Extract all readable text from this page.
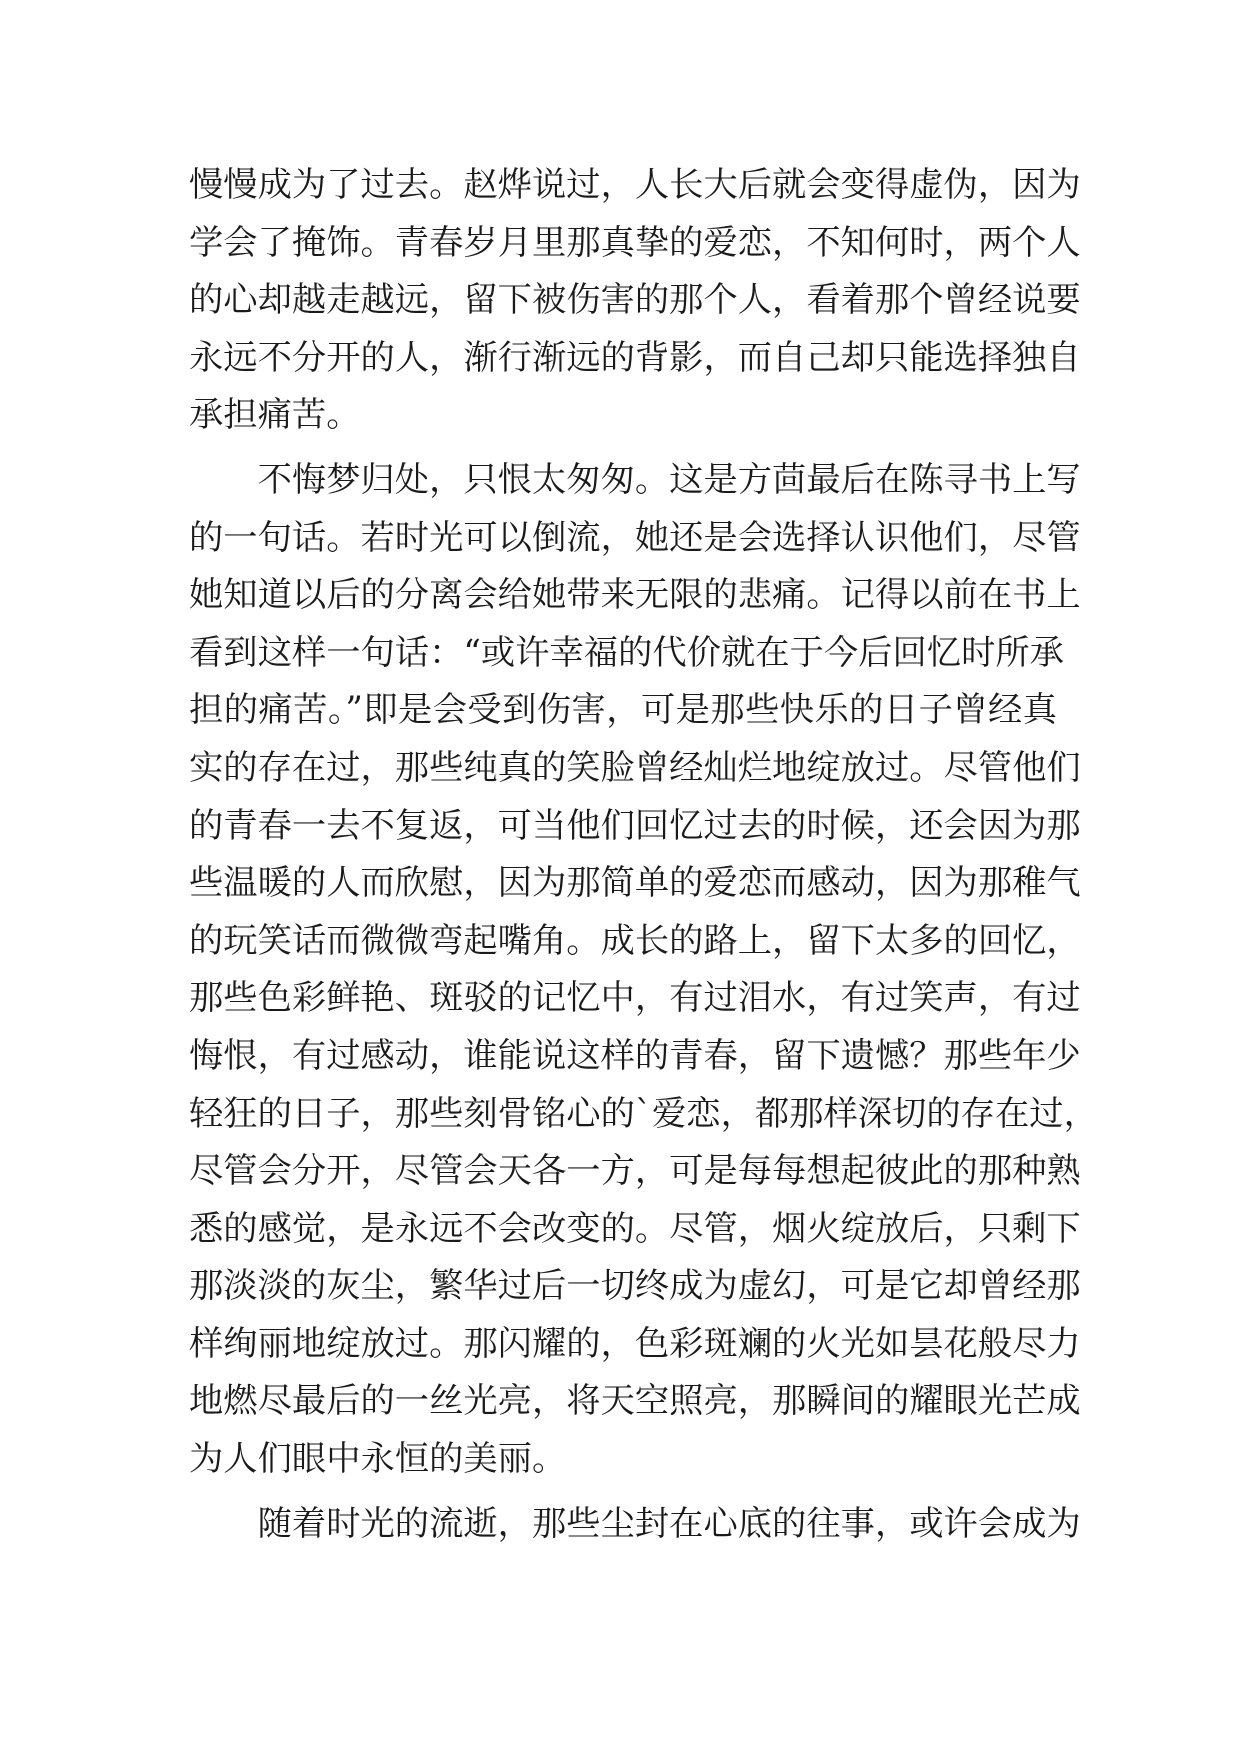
慢慢成为了过去。赵烨说过，人长大后就会变得虚伪，因为
学会了掩饰。青春岁月里那真挚的爱恋，不知何时，两个人
的心却越走越远，留下被伤害的那个人，看着那个曾经说要
永远不分开的人，渐行渐远的背影，而自己却只能选择独自
承担痛苦。
　　不悔梦归处，只恨太匆匆。这是方茴最后在陈寻书上写
的一句话。若时光可以倒流，她还是会选择认识他们，尽管
她知道以后的分离会给她带来无限的悲痛。记得以前在书上
看到这样一句话：“或许幸福的代价就在于今后回忆时所承
担的痛苦。”即是会受到伤害，可是那些快乐的日子曾经真
实的存在过，那些纯真的笑脸曾经灿烂地绽放过。尽管他们
的青春一去不复返，可当他们回忆过去的时候，还会因为那
些温暖的人而欣慰，因为那简单的爱恋而感动，因为那稚气
的玩笑话而微微弯起嘴角。成长的路上，留下太多的回忆，
那些色彩鲜艳、斑驳的记忆中，有过泪水，有过笑声，有过
悔恨，有过感动，谁能说这样的青春，留下遗憾？那些年少
轻狂的日子，那些刻骨铭心的`爱恋，都那样深切的存在过，
尽管会分开，尽管会天各一方，可是每每想起彼此的那种熟
悉的感觉，是永远不会改变的。尽管，烟火绽放后，只剩下
那淡淡的灰尘，繁华过后一切终成为虚幻，可是它却曾经那
样绚丽地绽放过。那闪耀的，色彩斑斓的火光如昙花般尽力
地燃尽最后的一丝光亮，将天空照亮，那瞬间的耀眼光芒成
为人们眼中永恒的美丽。
　　随着时光的流逝，那些尘封在心底的往事，或许会成为
